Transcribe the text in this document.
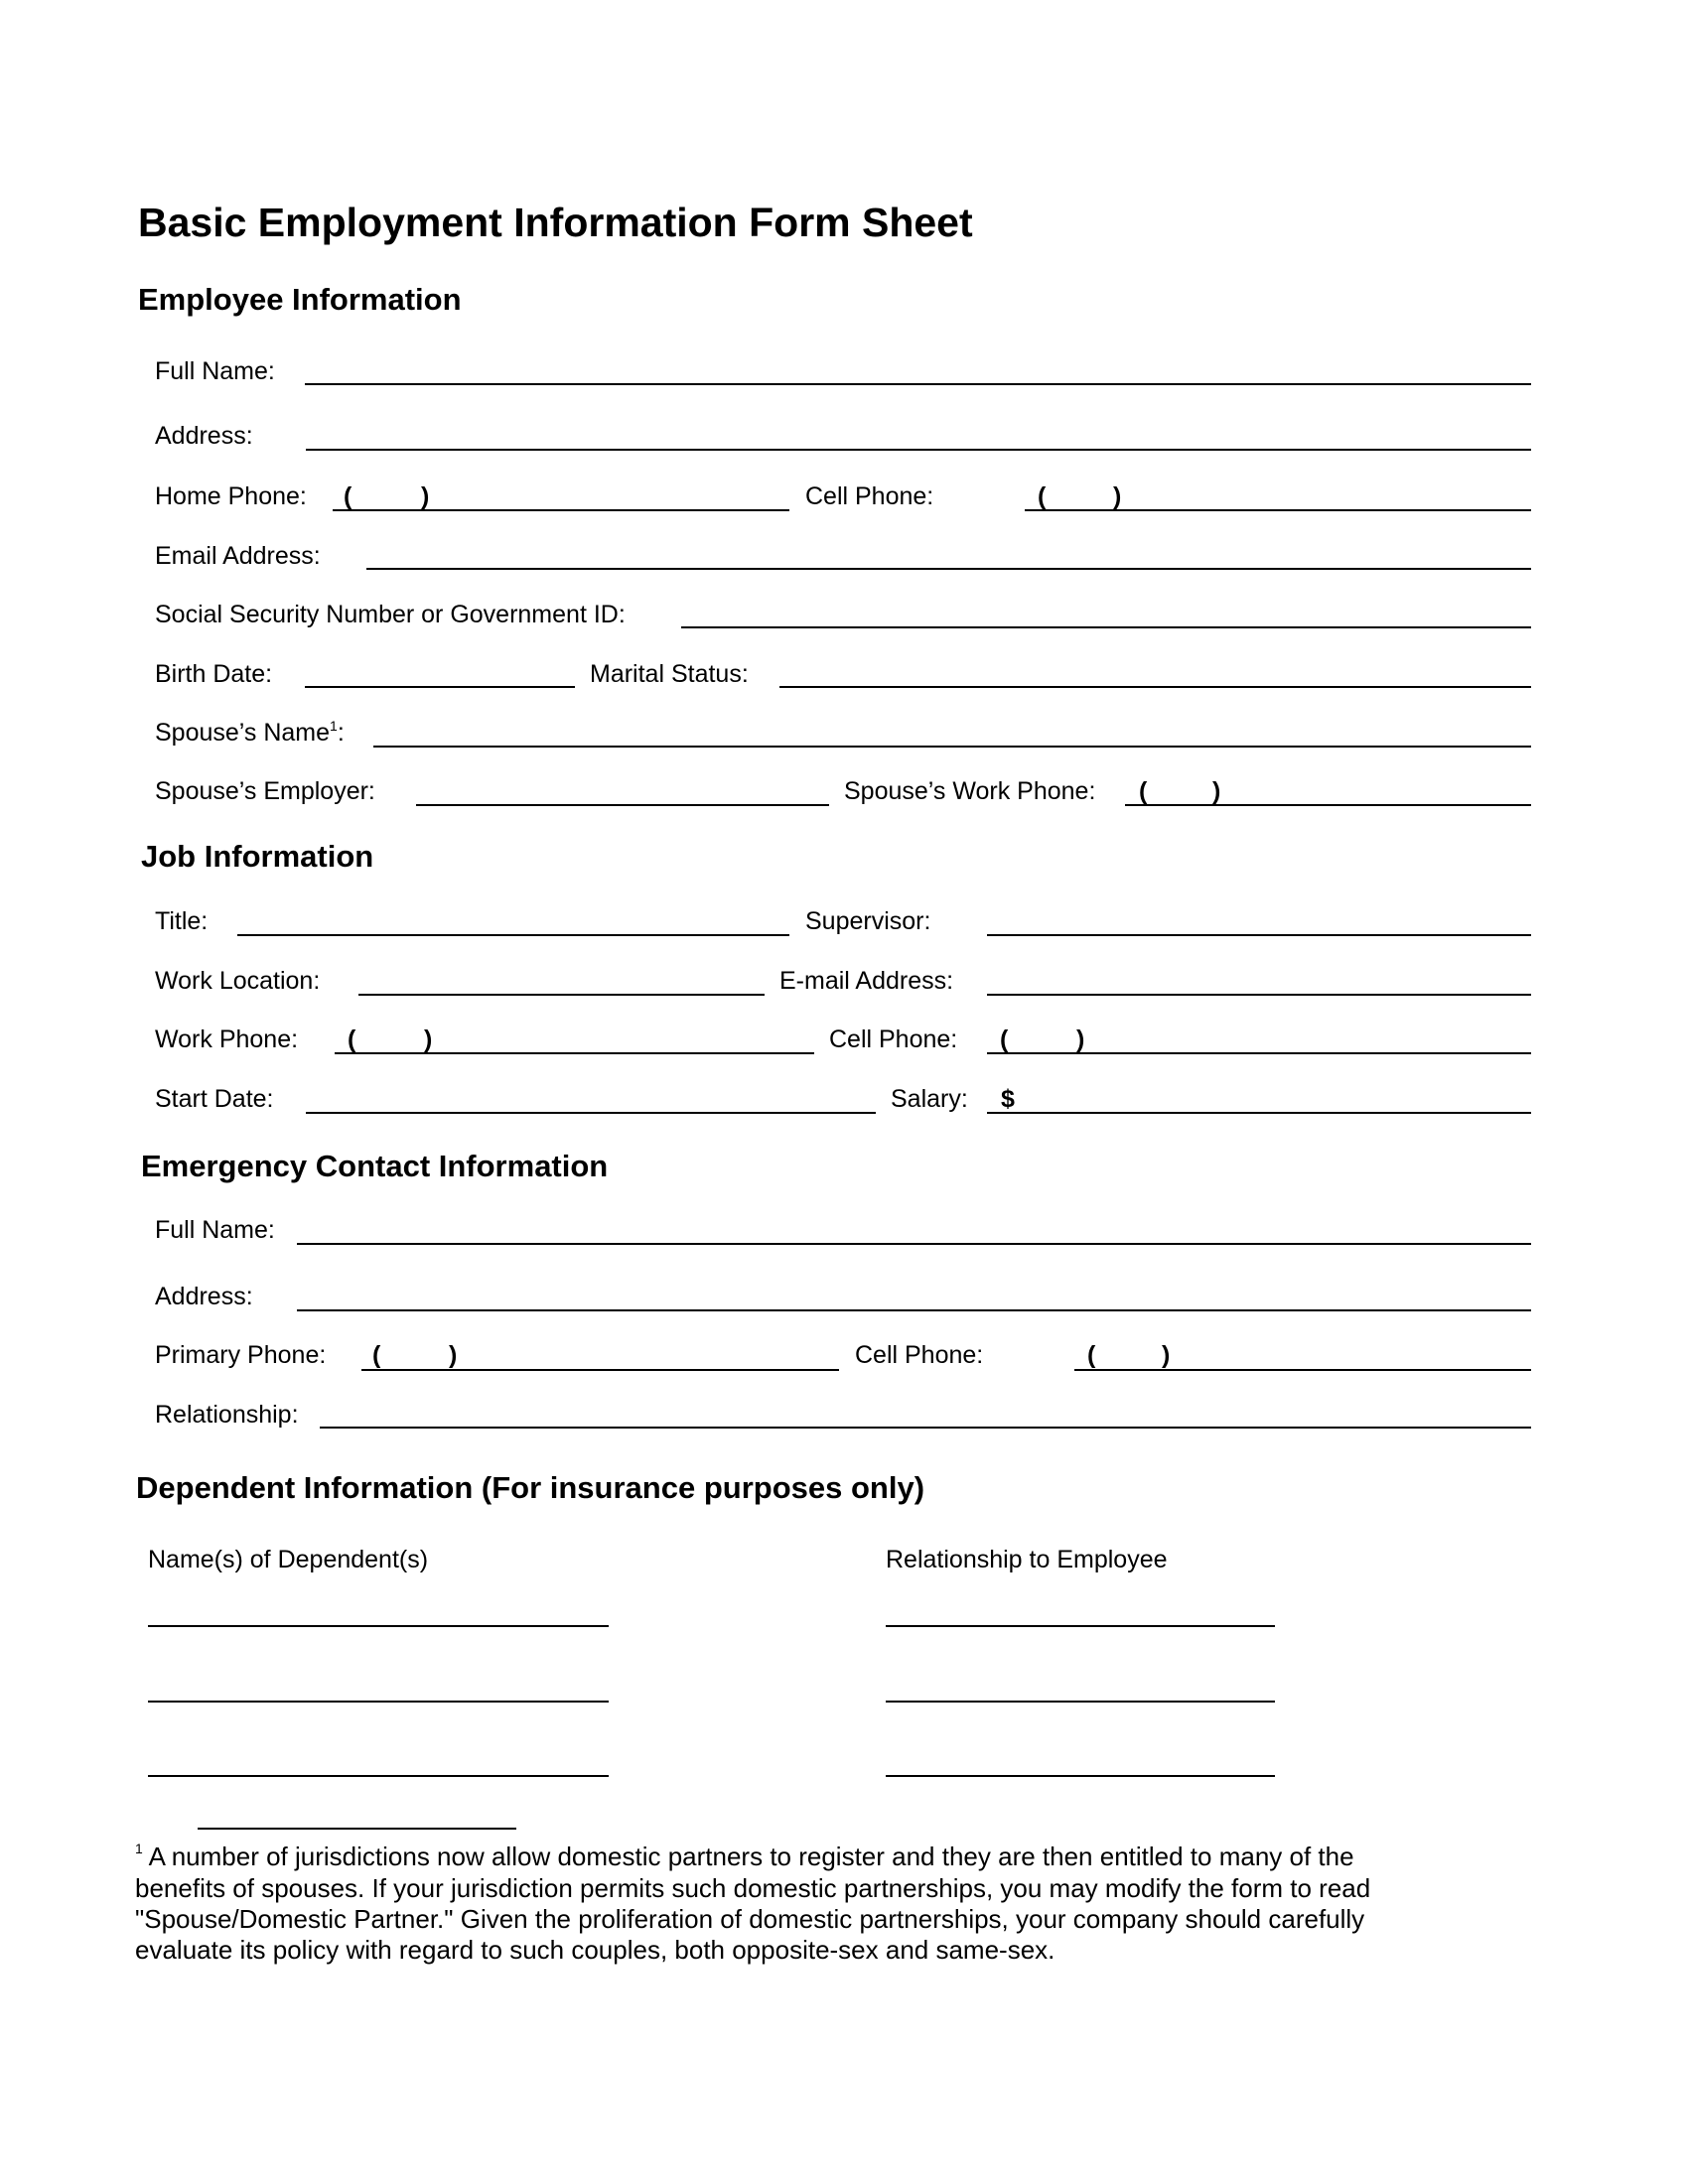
Basic Employment Information Form Sheet
Employee Information
Full Name:
Address:
Home Phone: (	)	Cell Phone:	(	)
Email Address:
Social Security Number or Government ID:
Birth Date:	Marital Status:
Spouse’s Name$^1$:
Spouse’s Employer:	Spouse’s Work Phone: (	)
Job Information
Title:	Supervisor:
Work Location:	E-mail Address:
Work Phone: (	)	Cell Phone: (	)
Start Date:	Salary: $
Emergency Contact Information
Full Name:
Address:
Primary Phone: (	)	Cell Phone:	(	)
Relationship:
Dependent Information (For insurance purposes only)
Name(s) of Dependent(s)	Relationship to Employee
$^1$ A number of jurisdictions now allow domestic partners to register and they are then entitled to many of the
benefits of spouses. If your jurisdiction permits such domestic partnerships, you may modify the form to read
"Spouse/Domestic Partner." Given the proliferation of domestic partnerships, your company should carefully
evaluate its policy with regard to such couples, both opposite-sex and same-sex.
